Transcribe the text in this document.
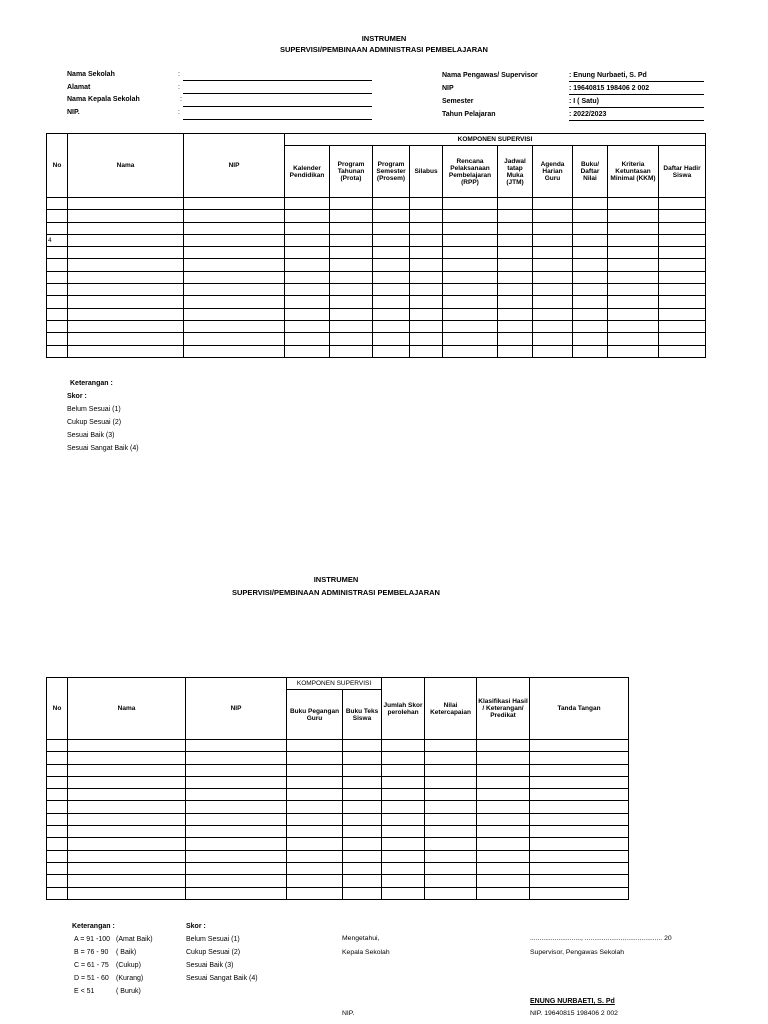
INSTRUMEN
SUPERVISI/PEMBINAAN ADMINISTRASI PEMBELAJARAN
Nama Sekolah	:
Alamat	:
Nama Kepala Sekolah	:
NIP.	:
Nama Pengawas/ Supervisor	: Enung Nurbaeti, S. Pd
NIP	: 19640815 198406 2 002
Semester	: I ( Satu)
Tahun Pelajaran	: 2022/2023
No	Nama	NIP	KOMPONEN SUPERVISI									
			Kalender Pendidikan	Program Tahunan (Prota)	Program Semester (Prosem)	Silabus	Rencana Pelaksanaan Pembelajaran (RPP)	Jadwal tatap Muka (JTM)	Agenda Harian Guru	Buku/ Daftar Nilai	Kriteria Ketuntasan Minimal (KKM)	Daftar Hadir Siswa

4												

Keterangan :
Skor :
Belum Sesuai (1)
Cukup Sesuai (2)
Sesuai Baik (3)
Sesuai Sangat Baik (4)
INSTRUMEN
SUPERVISI/PEMBINAAN ADMINISTRASI PEMBELAJARAN
No	Nama	NIP	KOMPONEN SUPERVISI		Jumlah Skor perolehan	Nilai Ketercapaian	Klasifikasi Hasil / Keterangan/ Predikat	Tanda Tangan
			Buku Pegangan Guru	Buku Teks Siswa				

Keterangan :
A = 91 -100 (Amat Baik)
B = 76 - 90 ( Baik)
C = 61 - 75 (Cukup)
D = 51 - 60 (Kurang)
E < 51	( Buruk)
Skor :
Belum Sesuai (1)
Cukup Sesuai (2)
Sesuai Baik (3)
Sesuai Sangat Baik (4)
Mengetahui,
Kepala Sekolah
NIP.
..........................., ......................................... 20
Supervisor, Pengawas Sekolah
ENUNG NURBAETI, S. Pd
NIP. 19640815 198406 2 002
